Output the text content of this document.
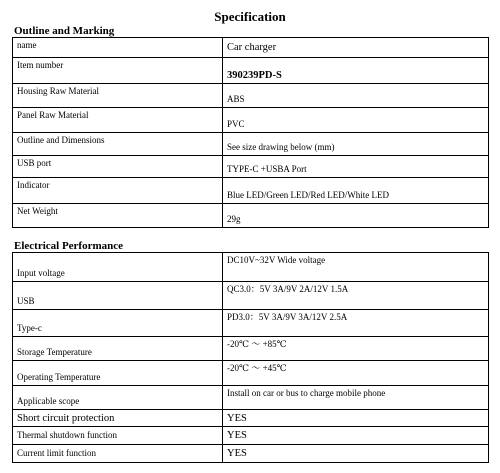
Specification
Outline and Marking
name	Car charger
Item number	390239PD-S
Housing Raw Material	ABS
Panel Raw Material	PVC
Outline and Dimensions	See size drawing below (mm)
USB port	TYPE-C +USBA Port
Indicator	Blue LED/Green LED/Red LED/White LED
Net Weight	29g
Electrical Performance
Input voltage	DC10V~32V Wide voltage
USB	QC3.0：5V 3A/9V 2A/12V 1.5A
Type-c	PD3.0：5V 3A/9V 3A/12V 2.5A
Storage Temperature	-20℃ ～ +85℃
Operating Temperature	-20℃ ～ +45℃
Applicable scope	Install on car or bus to charge mobile phone
Short circuit protection	YES
Thermal shutdown function	YES
Current limit function	YES
